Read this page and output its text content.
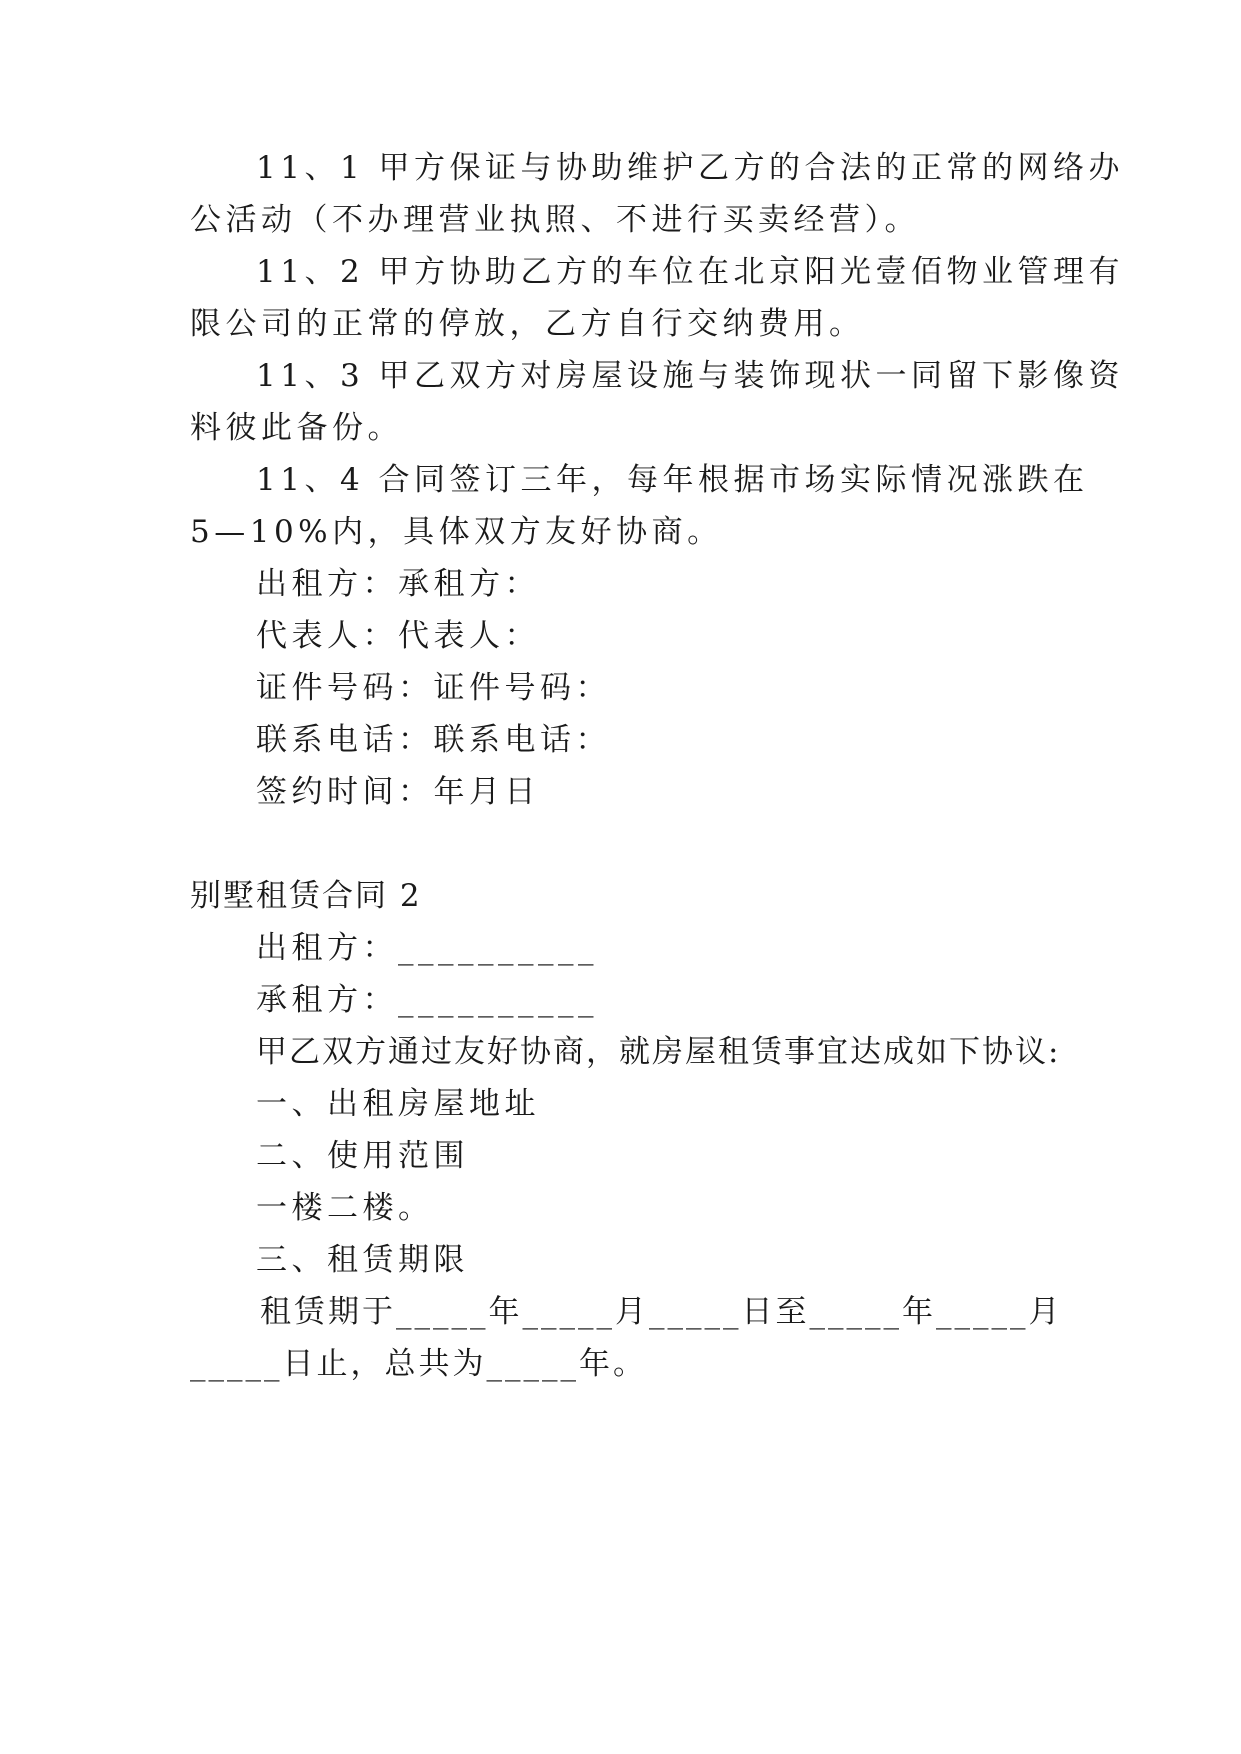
11、1 甲方保证与协助维护乙方的合法的正常的网络办
公活动（不办理营业执照、不进行买卖经营）。
11、2 甲方协助乙方的车位在北京阳光壹佰物业管理有
限公司的正常的停放，乙方自行交纳费用。
11、3 甲乙双方对房屋设施与装饰现状一同留下影像资
料彼此备份。
11、4 合同签订三年，每年根据市场实际情况涨跌在
5—10%内，具体双方友好协商。
出租方：承租方：
代表人：代表人：
证件号码：证件号码：
联系电话：联系电话：
签约时间：年月日
别墅租赁合同 2
出租方：__________
承租方：__________
甲乙双方通过友好协商，就房屋租赁事宜达成如下协议:
一、出租房屋地址
二、使用范围
一楼二楼。
三、租赁期限
租赁期于_____年_____月_____日至_____年_____月
_____日止，总共为_____年。
